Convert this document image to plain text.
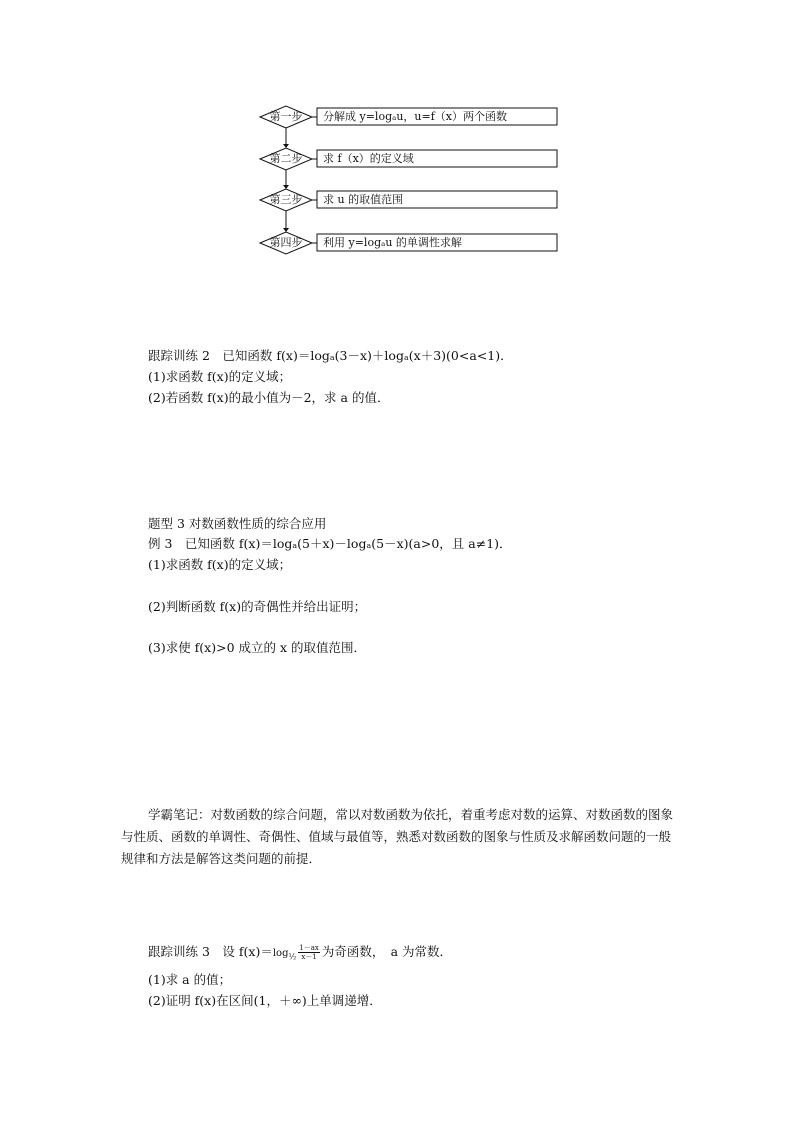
第一步
第二步
第三步
第四步
分解成 y=logₐu，u=f（x）两个函数
求 f（x）的定义域
求 u 的取值范围
利用 y=logₐu 的单调性求解
跟踪训练 2　已知函数 f(x)＝logₐ(3－x)＋logₐ(x＋3)(0<a<1)．
(1)求函数 f(x)的定义域；
(2)若函数 f(x)的最小值为－2，求 a 的值．
题型 3 对数函数性质的综合应用
例 3　已知函数 f(x)＝logₐ(5＋x)－logₐ(5－x)(a>0，且 a≠1)．
(1)求函数 f(x)的定义域；
(2)判断函数 f(x)的奇偶性并给出证明；
(3)求使 f(x)>0 成立的 x 的取值范围．
学霸笔记：对数函数的综合问题，常以对数函数为依托，着重考虑对数的运算、对数函数的图象与性质、函数的单调性、奇偶性、值域与最值等，熟悉对数函数的图象与性质及求解函数问题的一般规律和方法是解答这类问题的前提．
跟踪训练 3　设 $f(x)=\log_{\frac{1}{2}} \frac{1-ax}{x-1}$ 为奇函数，　a 为常数．
(1)求 a 的值；
(2)证明 f(x)在区间(1，＋∞)上单调递增．
